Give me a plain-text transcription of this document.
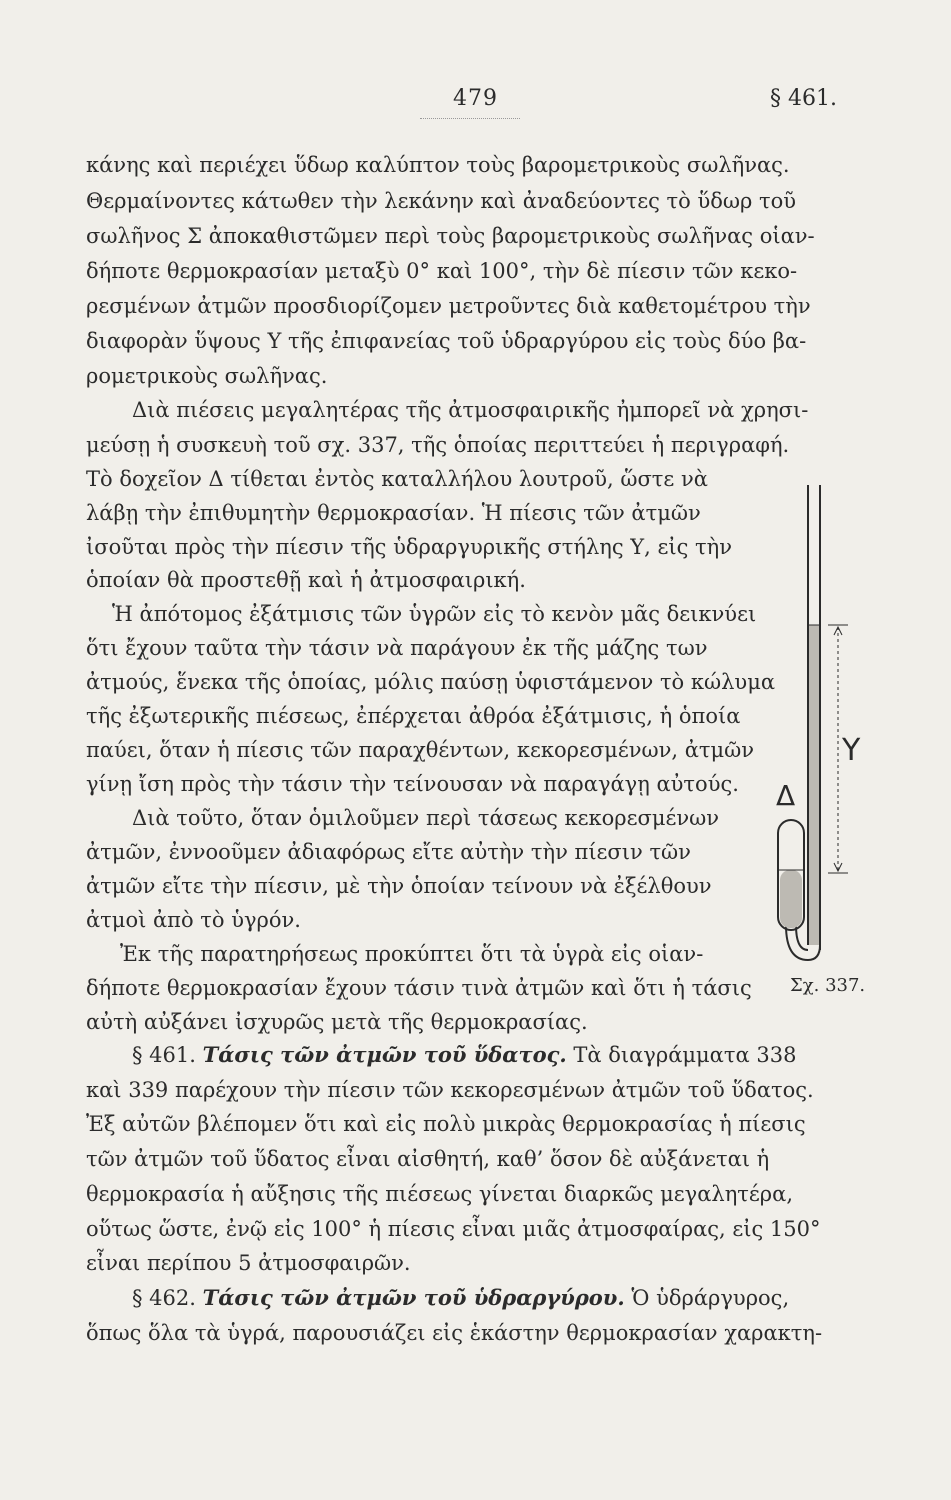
479	§ 461.
κάνης καὶ περιέχει ὕδωρ καλύπτον τοὺς βαρομετρικοὺς σωλῆνας.
Θερμαίνοντες κάτωθεν τὴν λεκάνην καὶ ἀναδεύοντες τὸ ὕδωρ τοῦ
σωλῆνος Σ ἀποκαθιστῶμεν περὶ τοὺς βαρομετρικοὺς σωλῆνας οἱαν-
δήποτε θερμοκρασίαν μεταξὺ 0° καὶ 100°, τὴν δὲ πίεσιν τῶν κεκο-
ρεσμένων ἀτμῶν προσδιορίζομεν μετροῦντες διὰ καθετομέτρου τὴν
διαφορὰν ὕψους Υ τῆς ἐπιφανείας τοῦ ὑδραργύρου εἰς τοὺς δύο βα-
ρομετρικοὺς σωλῆνας.
Διὰ πιέσεις μεγαλητέρας τῆς ἀτμοσφαιρικῆς ἠμπορεῖ νὰ χρησι-
μεύσῃ ἡ συσκευὴ τοῦ σχ. 337, τῆς ὁποίας περιττεύει ἡ περιγραφή.
Τὸ δοχεῖον Δ τίθεται ἐντὸς καταλλήλου λουτροῦ, ὥστε νὰ
λάβῃ τὴν ἐπιθυμητὴν θερμοκρασίαν. Ἡ πίεσις τῶν ἀτμῶν
ἰσοῦται πρὸς τὴν πίεσιν τῆς ὑδραργυρικῆς στήλης Υ, εἰς τὴν
ὁποίαν θὰ προστεθῇ καὶ ἡ ἀτμοσφαιρική.
Ἡ ἀπότομος ἐξάτμισις τῶν ὑγρῶν εἰς τὸ κενὸν μᾶς δεικνύει
ὅτι ἔχουν ταῦτα τὴν τάσιν νὰ παράγουν ἐκ τῆς μάζης των
ἀτμούς, ἕνεκα τῆς ὁποίας, μόλις παύσῃ ὑφιστάμενον τὸ κώλυμα
τῆς ἐξωτερικῆς πιέσεως, ἐπέρχεται ἀθρόα ἐξάτμισις, ἡ ὁποία
παύει, ὅταν ἡ πίεσις τῶν παραχθέντων, κεκορεσμένων, ἀτμῶν
γίνῃ ἴση πρὸς τὴν τάσιν τὴν τείνουσαν νὰ παραγάγῃ αὐτούς.
Διὰ τοῦτο, ὅταν ὁμιλοῦμεν περὶ τάσεως κεκορεσμένων
ἀτμῶν, ἐννοοῦμεν ἀδιαφόρως εἴτε αὐτὴν τὴν πίεσιν τῶν
ἀτμῶν εἴτε τὴν πίεσιν, μὲ τὴν ὁποίαν τείνουν νὰ ἐξέλθουν
ἀτμοὶ ἀπὸ τὸ ὑγρόν.
Ἐκ τῆς παρατηρήσεως προκύπτει ὅτι τὰ ὑγρὰ εἰς οἱαν-
δήποτε θερμοκρασίαν ἔχουν τάσιν τινὰ ἀτμῶν καὶ ὅτι ἡ τάσις
αὐτὴ αὐξάνει ἰσχυρῶς μετὰ τῆς θερμοκρασίας.
§ 461. Τάσις τῶν ἀτμῶν τοῦ ὕδατος. Τὰ διαγράμματα 338
καὶ 339 παρέχουν τὴν πίεσιν τῶν κεκορεσμένων ἀτμῶν τοῦ ὕδατος.
Ἐξ αὐτῶν βλέπομεν ὅτι καὶ εἰς πολὺ μικρὰς θερμοκρασίας ἡ πίεσις
τῶν ἀτμῶν τοῦ ὕδατος εἶναι αἰσθητή, καθ’ ὅσον δὲ αὐξάνεται ἡ
θερμοκρασία ἡ αὔξησις τῆς πιέσεως γίνεται διαρκῶς μεγαλητέρα,
οὕτως ὥστε, ἐνῷ εἰς 100° ἡ πίεσις εἶναι μιᾶς ἀτμοσφαίρας, εἰς 150°
εἶναι περίπου 5 ἀτμοσφαιρῶν.
§ 462. Τάσις τῶν ἀτμῶν τοῦ ὑδραργύρου. Ὁ ὑδράργυρος,
ὅπως ὅλα τὰ ὑγρά, παρουσιάζει εἰς ἑκάστην θερμοκρασίαν χαρακτη-
Υ
Δ
Σχ. 337.
